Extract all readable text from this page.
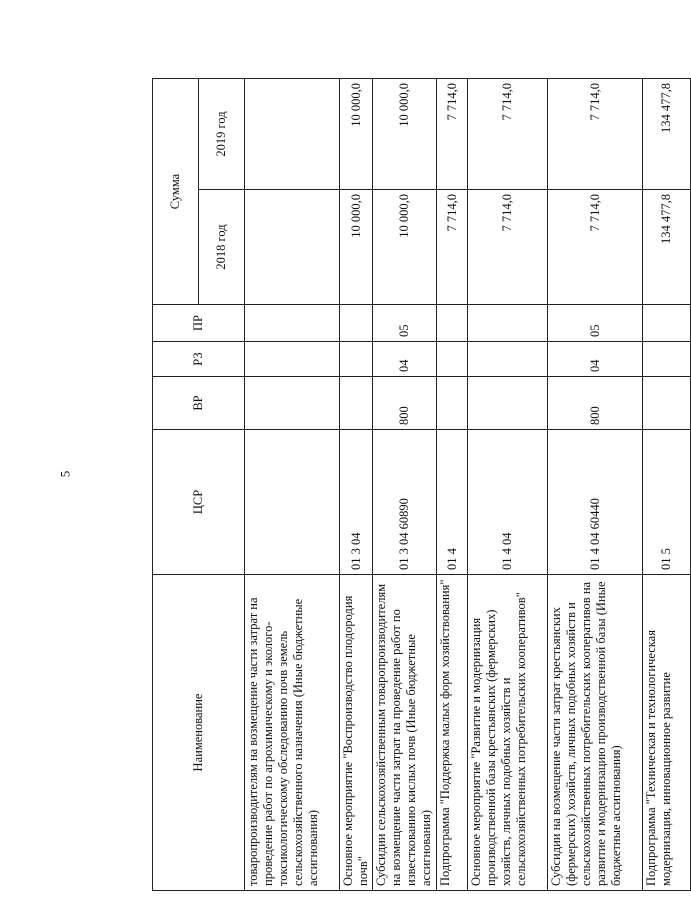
5
Наименование	ЦСР	ВР	РЗ	ПР	Сумма	
					2018 год	2019 год
товаропроизводителям на возмещение части затрат на проведение работ по агрохимическому и эколого-токсикологическому обследованию почв земель сельскохозяйственного назначения (Иные бюджетные ассигнования)						
Основное мероприятие "Воспроизводство плодородия почв"	01 3 04				10 000,0	10 000,0
Субсидии сельскохозяйственным товаропроизводителям на возмещение части затрат на проведение работ по известкованию кислых почв (Иные бюджетные ассигнования)	01 3 04 60890	800	04	05	10 000,0	10 000,0
Подпрограмма "Поддержка малых форм хозяйствования"	01 4				7 714,0	7 714,0
Основное мероприятие "Развитие и модернизация производственной базы крестьянских (фермерских) хозяйств, личных подобных хозяйств и сельскохозяйственных потребительских кооперативов"	01 4 04				7 714,0	7 714,0
Субсидии на возмещение части затрат крестьянских (фермерских) хозяйств, личных подобных хозяйств и сельскохозяйственных потребительских кооперативов на развитие и модернизацию производственной базы (Иные бюджетные ассигнования)	01 4 04 60440	800	04	05	7 714,0	7 714,0
Подпрограмма "Техническая и технологическая модернизация, инновационное развитие	01 5				134 477,8	134 477,8
